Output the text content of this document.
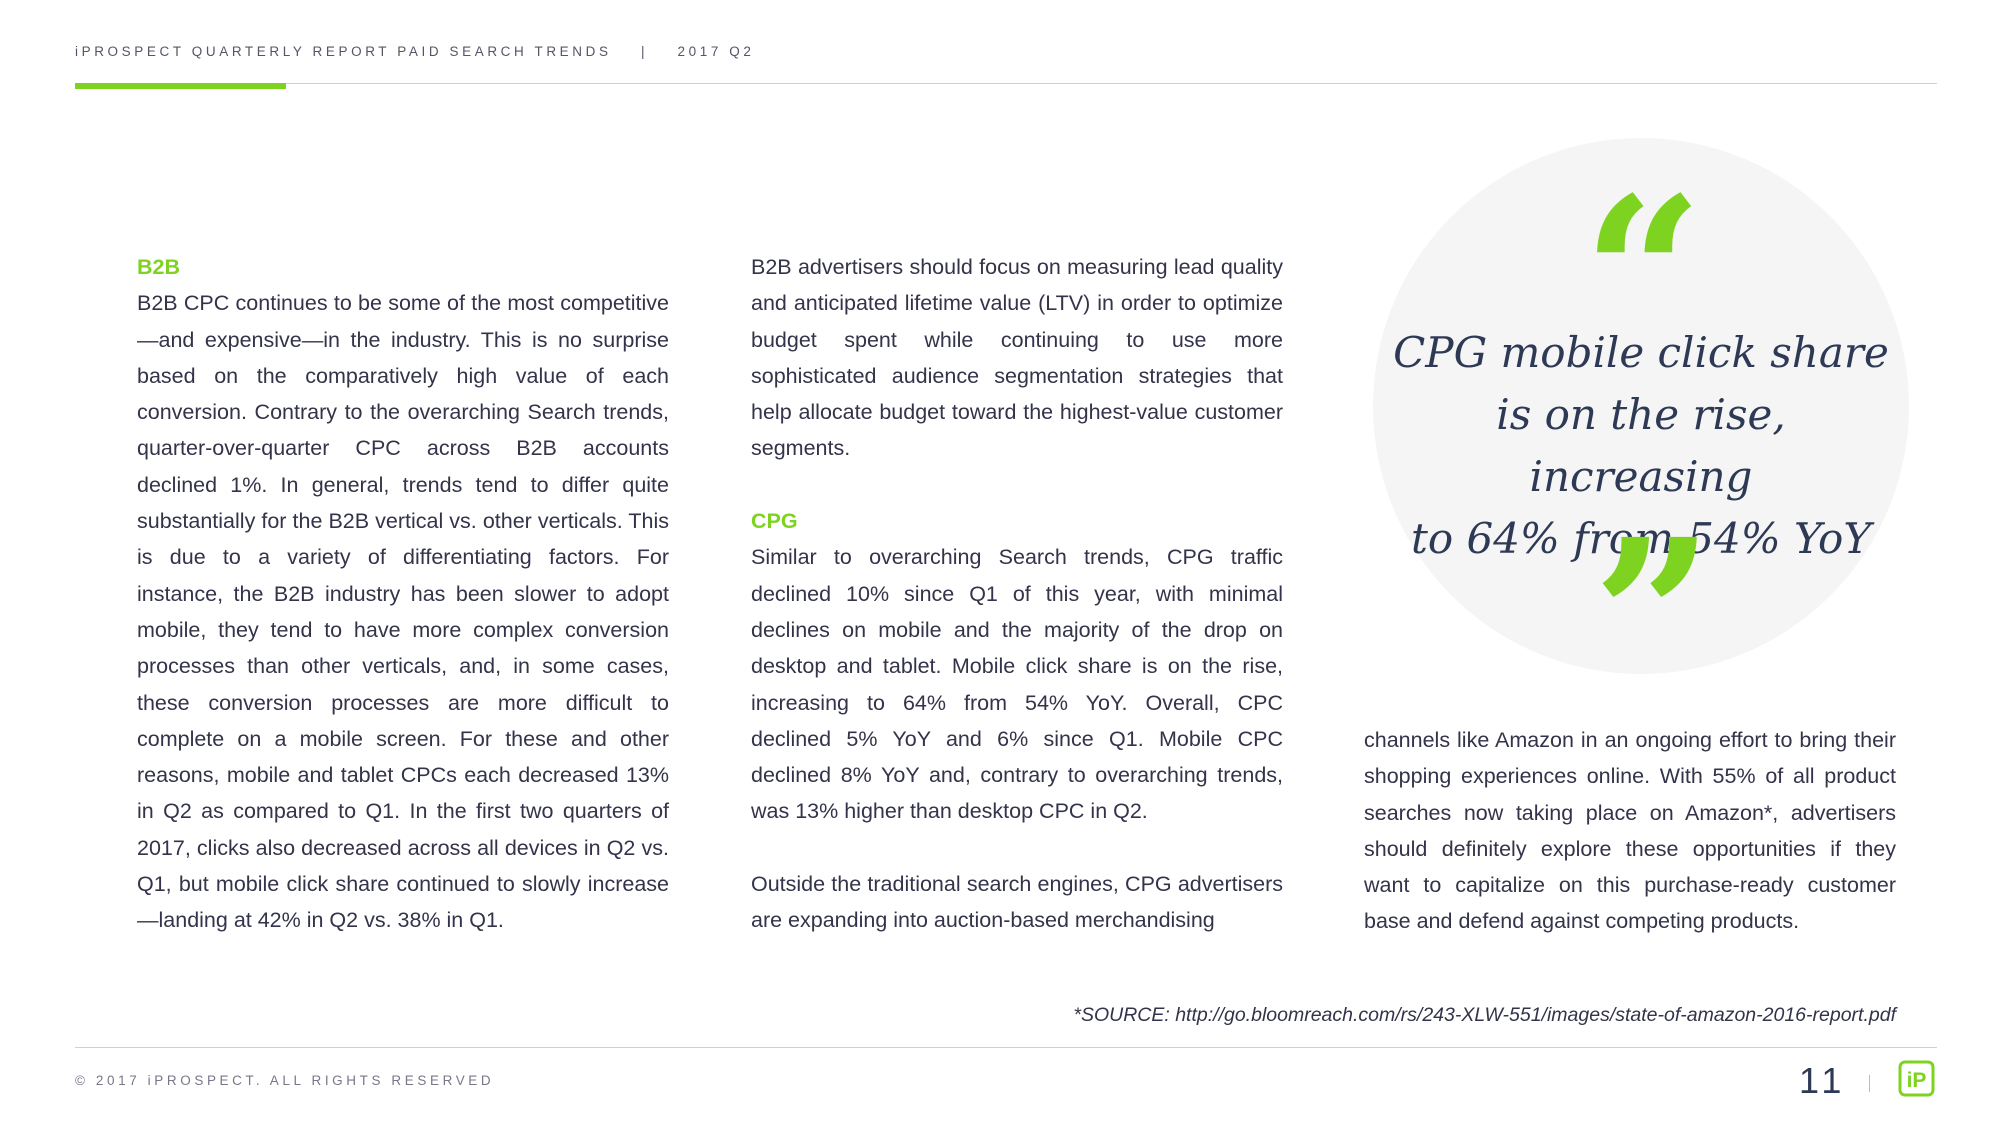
iPROSPECT QUARTERLY REPORT PAID SEARCH TRENDS | 2017 Q2

B2B

B2B CPC continues to be some of the most competitive—and expensive—in the industry. This is no surprise based on the comparatively high value of each conversion. Contrary to the overarching Search trends, quarter-over-quarter CPC across B2B accounts declined 1%. In general, trends tend to differ quite substantially for the B2B vertical vs. other verticals. This is due to a variety of differentiating factors. For instance, the B2B industry has been slower to adopt mobile, they tend to have more complex conversion processes than other verticals, and, in some cases, these conversion processes are more difficult to complete on a mobile screen. For these and other reasons, mobile and tablet CPCs each decreased 13% in Q2 as compared to Q1. In the first two quarters of 2017, clicks also decreased across all devices in Q2 vs. Q1, but mobile click share continued to slowly increase—landing at 42% in Q2 vs. 38% in Q1.

B2B advertisers should focus on measuring lead quality and anticipated lifetime value (LTV) in order to optimize budget spent while continuing to use more sophisticated audience segmentation strategies that help allocate budget toward the highest-value customer segments.

CPG

Similar to overarching Search trends, CPG traffic declined 10% since Q1 of this year, with minimal declines on mobile and the majority of the drop on desktop and tablet. Mobile click share is on the rise, increasing to 64% from 54% YoY. Overall, CPC declined 5% YoY and 6% since Q1. Mobile CPC declined 8% YoY and, contrary to overarching trends, was 13% higher than desktop CPC in Q2.

Outside the traditional search engines, CPG advertisers are expanding into auction-based merchandising

“
CPG mobile click share
is on the rise, increasing
to 64% from 54% YoY
”

channels like Amazon in an ongoing effort to bring their shopping experiences online. With 55% of all product searches now taking place on Amazon*, advertisers should definitely explore these opportunities if they want to capitalize on this purchase-ready customer base and defend against competing products.

*SOURCE: http://go.bloomreach.com/rs/243-XLW-551/images/state-of-amazon-2016-report.pdf
© 2017 iPROSPECT. ALL RIGHTS RESERVED	11	iP
